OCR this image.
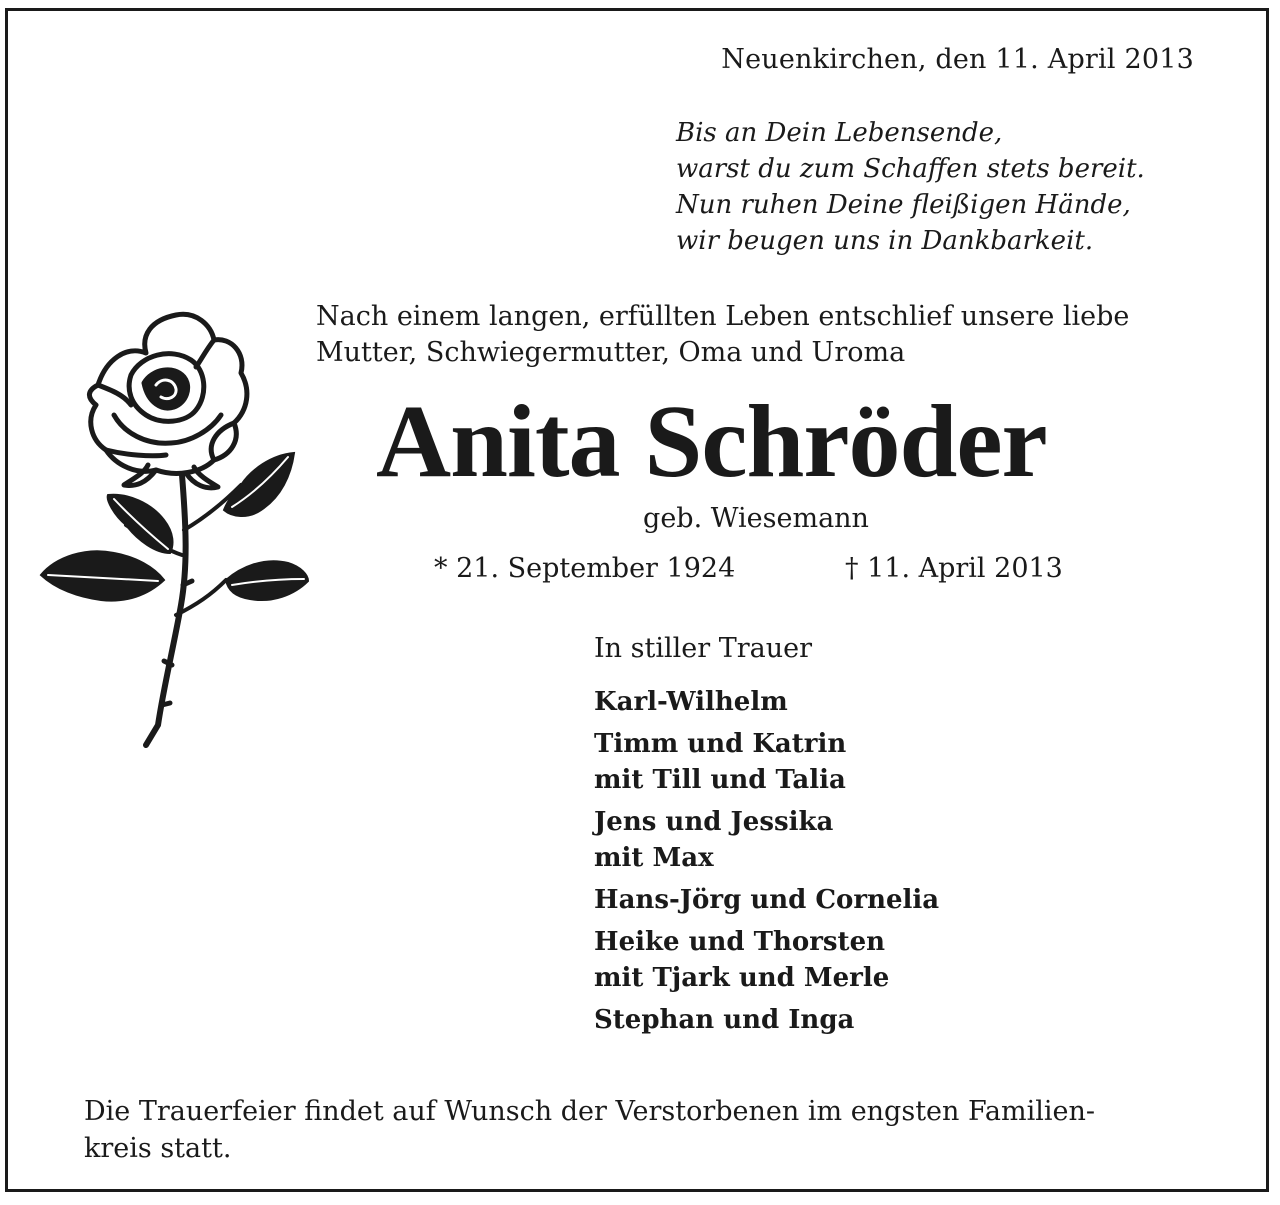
Neuenkirchen, den 11. April 2013
Bis an Dein Lebensende,
warst du zum Schaffen stets bereit.
Nun ruhen Deine fleißigen Hände,
wir beugen uns in Dankbarkeit.
Nach einem langen, erfüllten Leben entschlief unsere liebe
Mutter, Schwiegermutter, Oma und Uroma
Anita Schröder
geb. Wiesemann
* 21. September 1924	† 11. April 2013
In stiller Trauer
Karl-Wilhelm
Timm und Katrin
mit Till und Talia
Jens und Jessika
mit Max
Hans-Jörg und Cornelia
Heike und Thorsten
mit Tjark und Merle
Stephan und Inga
Die Trauerfeier findet auf Wunsch der Verstorbenen im engsten Familien-
kreis statt.
